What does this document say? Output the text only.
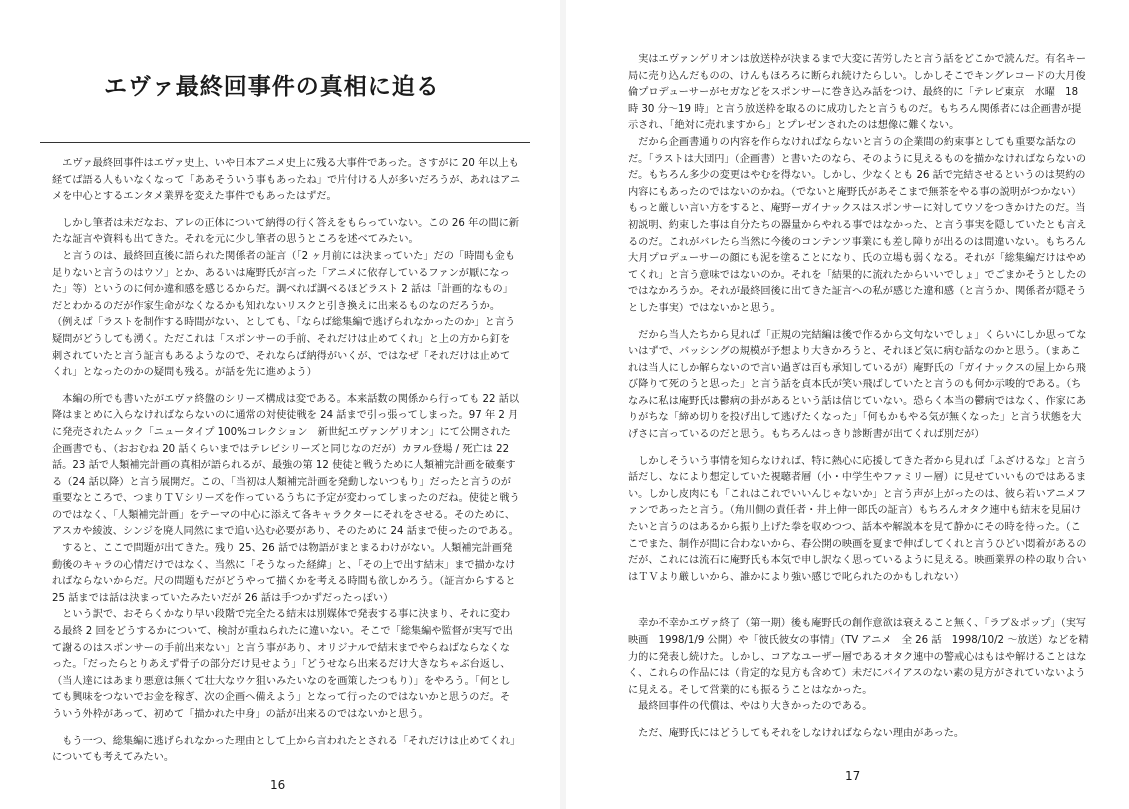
エヴァ最終回事件の真相に迫る

　エヴァ最終回事件はエヴァ史上、いや日本アニメ史上に残る大事件であった。さすがに 20 年以上も経てば語る人もいなくなって「ああそういう事もあったね」で片付ける人が多いだろうが、あれはアニメを中心とするエンタメ業界を変えた事件でもあったはずだ。

　しかし筆者は未だなお、アレの正体について納得の行く答えをもらっていない。この 26 年の間に新たな証言や資料も出てきた。それを元に少し筆者の思うところを述べてみたい。

　と言うのは、最終回直後に語られた関係者の証言（「2 ヶ月前には決まっていた」だの「時間も金も足りないと言うのはウソ」とか、あるいは庵野氏が言った「アニメに依存しているファンが厭になった」等）というのに何か違和感を感じるからだ。調べれば調べるほどラスト 2 話は「計画的なもの」だとわかるのだが作家生命がなくなるかも知れないリスクと引き換えに出来るものなのだろうか。

（例えば「ラストを制作する時間がない、としても、「ならば総集編で逃げられなかったのか」と言う疑問がどうしても湧く。ただこれは「スポンサーの手前、それだけは止めてくれ」と上の方から釘を刺されていたと言う証言もあるようなので、それならば納得がいくが、ではなぜ「それだけは止めてくれ」となったのかの疑問も残る。が話を先に進めよう）

　本編の所でも書いたがエヴァ終盤のシリーズ構成は変である。本来話数の関係から行っても 22 話以降はまとめに入らなければならないのに通常の対使徒戦を 24 話まで引っ張ってしまった。97 年 2 月に発売されたムック「ニュータイプ 100%コレクション　新世紀エヴァンゲリオン」にて公開された企画書でも、（おおむね 20 話くらいまではテレビシリーズと同じなのだが）カヲル登場 / 死亡は 22 話。23 話で人類補完計画の真相が語られるが、最強の第 12 使徒と戦うために人類補完計画を破棄する（24 話以降）と言う展開だ。この、「当初は人類補完計画を発動しないつもり」だったと言うのが重要なところで、つまりＴＶシリーズを作っているうちに予定が変わってしまったのだね。使徒と戦うのではなく、「人類補完計画」をテーマの中心に添えて各キャラクターにそれをさせる。そのために、アスカや綾波、シンジを廃人同然にまで追い込む必要があり、そのために 24 話まで使ったのである。

　すると、ここで問題が出てきた。残り 25、26 話では物語がまとまるわけがない。人類補完計画発動後のキャラの心情だけではなく、当然に「そうなった経緯」と、「その上で出す結末」まで描かなければならないからだ。尺の問題もだがどうやって描くかを考える時間も欲しかろう。（証言からすると 25 話までは話は決まっていたみたいだが 26 話は手つかずだったっぽい）

　という訳で、おそらくかなり早い段階で完全たる結末は別媒体で発表する事に決まり、それに変わる最終 2 回をどうするかについて、検討が重ねられたに違いない。そこで「総集編や監督が実写で出て謝るのはスポンサーの手前出来ない」と言う事があり、オリジナルで結末までやらねばならなくなった。「だったらとりあえず骨子の部分だけ見せよう」「どうせなら出来るだけ大きなちゃぶ台返し、（当人達にはあまり悪意は無くて壮大なウケ狙いみたいなのを画策したつもり）」をやろう。「何としても興味をつないでお金を稼ぎ、次の企画へ備えよう」となって行ったのではないかと思うのだ。そういう外枠があって、初めて「描かれた中身」の話が出来るのではないかと思う。

　もう一つ、総集編に逃げられなかった理由として上から言われたとされる「それだけは止めてくれ」についても考えてみたい。

16

　実はエヴァンゲリオンは放送枠が決まるまで大変に苦労したと言う話をどこかで読んだ。有名キー局に売り込んだものの、けんもほろろに断られ続けたらしい。しかしそこでキングレコードの大月俊倫プロデューサーがセガなどをスポンサーに巻き込み話をつけ、最終的に「テレビ東京　水曜　18 時 30 分〜19 時」と言う放送枠を取るのに成功したと言うものだ。もちろん関係者には企画書が提示され、「絶対に売れますから」とプレゼンされたのは想像に難くない。

　だから企画書通りの内容を作らなければならないと言うの企業間の約束事としても重要な話なのだ。「ラストは大団円」（企画書）と書いたのなら、そのように見えるものを描かなければならないのだ。もちろん多少の変更はやむを得ない。しかし、少なくとも 26 話で完結させるというのは契約の内容にもあったのではないのかね。（でないと庵野氏があそこまで無茶をやる事の説明がつかない）　もっと厳しい言い方をすると、庵野ーガイナックスはスポンサーに対してウソをつきかけたのだ。当初説明、約束した事は自分たちの器量からやれる事ではなかった、と言う事実を隠していたとも言えるのだ。これがバレたら当然に今後のコンテンツ事業にも差し障りが出るのは間違いない。もちろん大月プロデューサーの顔にも泥を塗ることになり、氏の立場も弱くなる。それが「総集編だけはやめてくれ」と言う意味ではないのか。それを「結果的に流れたからいいでしょ」でごまかそうとしたのではなかろうか。それが最終回後に出てきた証言への私が感じた違和感（と言うか、関係者が隠そうとした事実）ではないかと思う。

　だから当人たちから見れば「正規の完結編は後で作るから文句ないでしょ」くらいにしか思ってないはずで、バッシングの規模が予想より大きかろうと、それほど気に病む話なのかと思う。（まあこれは当人にしか解らないので言い過ぎは百も承知しているが）庵野氏の「ガイナックスの屋上から飛び降りて死のうと思った」と言う話を貞本氏が笑い飛ばしていたと言うのも何か示唆的である。（ちなみに私は庵野氏は鬱病の卦があるという話は信じていない。恐らく本当の鬱病ではなく、作家にありがちな「締め切りを投げ出して逃げたくなった」「何もかもやる気が無くなった」と言う状態を大げさに言っているのだと思う。もちろんはっきり診断書が出てくれば別だが）

　しかしそういう事情を知らなければ、特に熱心に応援してきた者から見れば「ふざけるな」と言う話だし、なにより想定していた視聴者層（小・中学生やファミリー層）に見せていいものではあるまい。しかし皮肉にも「これはこれでいいんじゃないか」と言う声が上がったのは、彼ら若いアニメファンであったと言う。（角川側の責任者・井上伸一郎氏の証言）もちろんオタク連中も結末を見届けたいと言うのはあるから振り上げた拳を収めつつ、話本や解説本を見て静かにその時を待った。（ここでまた、制作が間に合わないから、春公開の映画を夏まで伸ばしてくれと言うひどい悶着があるのだが、これには流石に庵野氏も本気で申し訳なく思っているように見える。映画業界の枠の取り合いはＴＶより厳しいから、誰かにより強い感じで叱られたのかもしれない）

　幸か不幸かエヴァ終了（第一期）後も庵野氏の創作意欲は衰えること無く、「ラブ＆ポップ」（実写映画　1998/1/9 公開）や「彼氏彼女の事情」（TV アニメ　全 26 話　1998/10/2 〜放送）などを精力的に発表し続けた。しかし、コアなユーザー層であるオタク連中の警戒心はもはや解けることはなく、これらの作品には（肯定的な見方も含めて）未だにバイアスのない素の見方がされていないように見える。そして営業的にも振るうことはなかった。

　最終回事件の代償は、やはり大きかったのである。

　ただ、庵野氏にはどうしてもそれをしなければならない理由があった。

17
